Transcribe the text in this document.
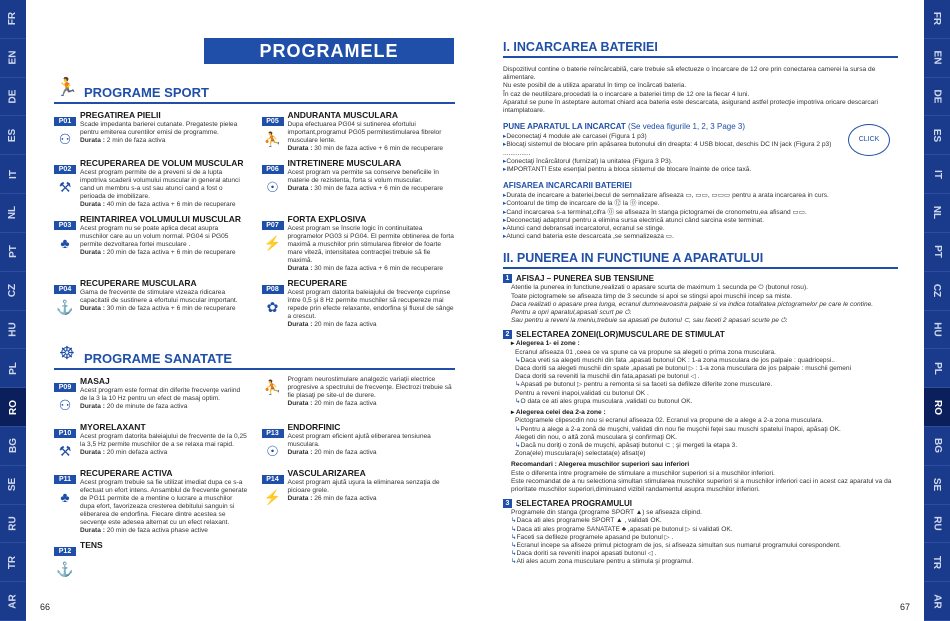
FR
EN
DE
ES
IT
NL
PT
CZ
HU
PL
RO
BG
SE
RU
TR
AR
FR
EN
DE
ES
IT
NL
PT
CZ
HU
PL
RO
BG
SE
RU
TR
AR
PROGRAMELE
🏃 PROGRAME SPORT
P01
⚇
PREGATIREA PIELII

Scade impedanta barierei cutanate. Pregateste pielea pentru emiterea curentilor emisi de programme.

Durata : 2 min de faza activa
P05
⛹
ANDURANTA MUSCULARA

Dupa efectuarea PG04 si sutinerea efortului important,programul PG05 permitestimularea fibrelor musculare lente.

Durata : 30 min de faza active + 6 min de recuperare
P02
⚒
RECUPERAREA DE VOLUM MUSCULAR

Acest program permite de a preveni si de a lupta impotriva scaderii volumului muscular in general atunci cand un membru s-a ust sau atunci cand a fost o perioada de imobilizare.

Durata : 40 min de faza activa + 6 min de recuperare
P06
☉
INTRETINERE MUSCULARA

Acest program va permite sa conserve beneficiile în materie de rezistenta, forta si volum muscular.

Durata : 30 min de faza activa + 6 min de recuperare
P03
♣
REINTARIREA VOLUMULUI MUSCULAR

Acest program nu se poate aplica decat asupra muschilor care au un volum normal. PG04 si PG05 permite dezvoltarea fortei musculare .

Durata : 20 min de faza activa + 6 min de recuperare
P07
⚡
FORTA EXPLOSIVA

Acest program se înscrie logic în continuitatea programelor PG03 si PG04. El permite obtinerea de forta maximă a muschilor prin stimularea fibrelor de foarte mare viteză, intensitatea contracţiei trebuie să fie maximă.

Durata : 30 min de faza activa + 6 min de recuperare
P04
⚓
RECUPERARE MUSCULARA

Gama de frecvente de stimulare vizeaza ridicarea capacitatii de sustinere a efortului muscular important.

Durata : 30 min de faza activa + 6 min de recuperare
P08
✿
RECUPERARE

Acest program datorita baleiajului de frecvenţe cuprinse între 0,5 şi 8 Hz permite muschiler să recupereze mai repede prin efecte relaxante, endorfina şi fluxul de sânge a crescut.

Durata : 20 min de faza activa
☸ PROGRAME SANATATE
P09
⚇
MASAJ

Acest program este format din diferite frecvenţe variind de la 3 la 10 Hz pentru un efect de masaj optim.

Durata : 20 de minute de faza activa
⛹ Program neurostimulare analgezic variaţii electrice progresive a spectrului de frecvenţe. Electrozi trebuie să fie plasaţi pe site-ul de durere.

Durata : 20 min de faza activa
P10
⚒
MYORELAXANT

Acest program datorita baleiajului de frecvente de la 0,25 la 3,5 Hz permite muschilor de a se relaxa mai rapid.

Durata : 20 min defaza activa
P13
☉
ENDORFINIC

Acest program eficient ajută eliberarea tensiunea musculara.

Durata : 20 min de faza activa
P11
♣
RECUPERARE ACTIVA

Acest program trebuie sa fie utilizat imediat dupa ce s-a efectuat un efort intens. Ansamblul de frecvente generate de PG11 permite de a mentine o lucrare a muschilor dupa efort, favorizeaza cresterea debitului sanguin si eliberarea de endorfina. Fiecare dintre acestea se secvenţe este adesea alternat cu un efect relaxant.

Durata : 20 min de faza activa phase active
P14
⚡
VASCULARIZAREA

Acest program ajută uşura la eliminarea senzaţia de picioare grele.

Durata : 26 min de faza activa
P12
⚓
TENS
66
I. INCARCAREA BATERIEI
Dispozitivul contine o baterie reîncărcabilă, care trebuie să efectueze o încarcare de 12 ore prin conectarea camerei la sursa de alimentare.
Nu este posibil de a utiliza aparatul în timp ce încărcati bateria.
În caz de neutilizare,procedati la o incarcare a bateriei timp de 12 ore la fiecar 4 luni.
Aparatul se pune în asteptare automat chiard aca bateria este descarcata, asigurand astfel protecţie impotriva oricare descarcari intamplatoare.
PUNE APARATUL LA INCARCAT (Se vedea figurile 1, 2, 3 Page 3)
▸ Deconectaţi 4 module ale carcasei (Figura 1 p3)
▸ Blocaţi sistemul de blocare prin apăsarea butonului din dreapta: 4 USB blocat, deschis DC IN jack (Figura 2 p3) ...............
▸ Conectaţi încărcătorul (furnizat) la unitatea (Figura 3 P3).
▸ IMPORTANT! Este esenţial pentru a bloca sistemul de blocare înainte de orice taxă.
CLICK
AFISAREA INCARCARII BATERIEI
▸ Durata de incarcare a bateriei,becul de semnalizare afiseaza ▭, ▭▭, ▭▭▭ pentru a arata incarcarea in curs.
▸ Contoarul de timp de incarcare de la ⑫ la ⓪ incepe.
▸ Cand incarcarea s-a terminat,cifra ⓪ se afiseaza în stanga pictogramei de cronometru,ea afisand ▭▭.
▸ Deconectaţi adaptorul pentru a elimina sursa electrică atunci când sarcina este terminat.
▸ Atunci cand debransati incarcatorul, ecranul se stinge.
▸ Atunci cand bateria este descarcata ,se semnalizeaza ▭.
II. PUNEREA IN FUNCTIUNE A APARATULUI
1 AFISAJ – PUNEREA SUB TENSIUNE
Atentie la punerea in functiune,realizati o apasare scurta de maximum 1 secunda pe ⏻ (butonul rosu).
Toate pictogramele se afiseaza timp de 3 secunde si apoi se stingsi apoi muschii incep sa miste.
Daca realizati o apasare prea lunga, ecranul dumneavoastra palpaie si va indica totalitatea pictogramelor pe care le contine.
Pentru a opri aparatul,apasati scurt pe ⏻.
Sau pentru a reveni la meniu,trebuie sa apasati pe butonul ⊂, sau faceti 2 apasari scurte pe ⏻.
2 SELECTAREA ZONEI(LOR)MUSCULARE DE STIMULAT
▸ Alegerea 1- ei zone :
Ecranul afiseaza 01 ,ceea ce va spune ca va propune sa alegeti o prima zona musculara.
↳ Daca vreti sa alegeti muschi din fata ,apasati butonul OK : 1-a zona musculara de jos palpaie : quadricepsi..
Daca doriti sa alegeti muschii din spate ,apasati pe butonul ▷ : 1-a zona musculara de jos palpaie : muschii gemeni
Daca doriti sa reveniti la muschii din fata,apasati pe butonul ◁ .
↳ Apasati pe butonul ▷ pentru a remonta si sa faceti sa defileze diferite zone musculare.
Pentru a reveni inapoi,validati cu butonul OK .
↳ O data ce ati ales grupa musculara ,validati cu butonul OK.
▸ Alegerea celei dea 2-a zone :
Pictogramele clipescdin nou si ecranul afiseaza 02. Ecranul va propune de a alege a 2-a zona musculara.
↳ Pentru a alege a 2-a zonă de muşchi, validati din nou fie muşchii feţei sau muschi spatelui înapoi, apăsaţi OK.
Alegeti din nou, o altă zonă musculara şi confirmaţi OK.
↳ Dacă nu doriţi o zonă de muşchi, apăsaţi butonul ⊂ ; şi mergeti la etapa 3.
Zona(ele) musculara(e) selectata(e) afisat(e)
Recomandari : Alegerea muschilor superiori sau inferiori
Este o diferenta intre programele de stimulare a muschilor superiori si a muschilor inferiori.
Este recomandat de a nu selectiona simultan stimularea muschilor superiori si a muschilor inferiori caci in acest caz aparatul va da prioritate muschilor superiori,diminuand vizibil randamentul asupra muschilor inferiori.
3 SELECTAREA PROGRAMULUI
Programele din stanga (programe SPORT ▲) se afiseaza clipind.
↳ Daca ati ales programele SPORT ▲ , validati OK.
↳ Daca ati ales programe SANATATE ♣ ,apasati pe butonul ▷ si validati OK.
↳ Faceti sa defileze programele apasand pe butonul ▷ .
↳ Ecranul incepe sa afiseze primul pictogram de jos, si afiseaza simultan sus numarul programului corespondent.
↳ Daca doriti sa reveniti inapoi apasati butonul ◁ .
↳ Ati ales acum zona musculare pentru a stimula şi programul.
67
